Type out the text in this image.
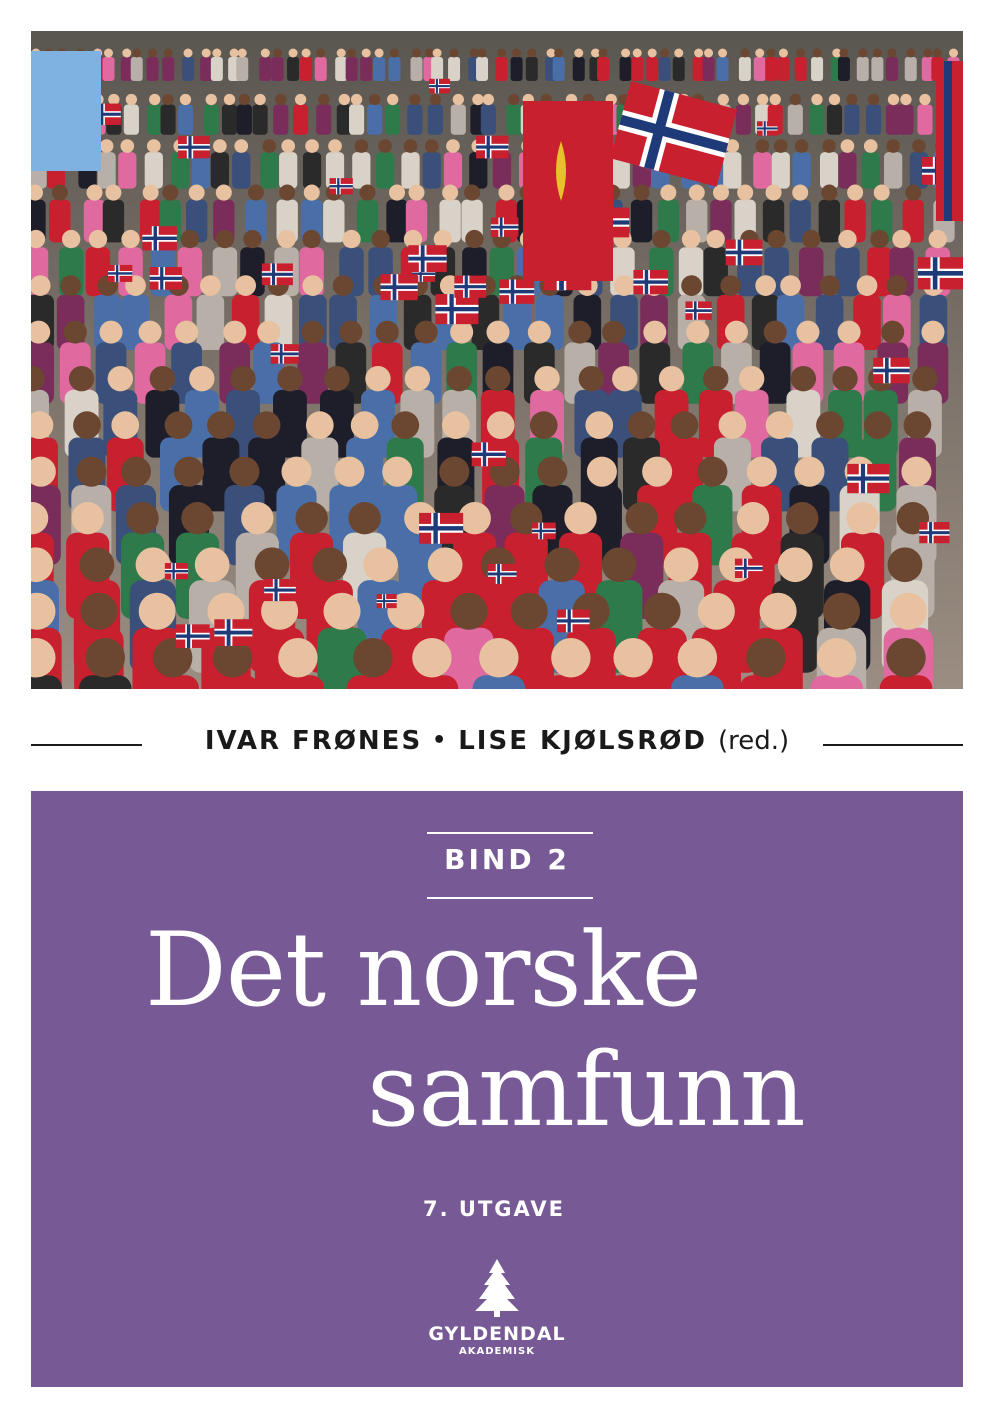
IVAR FRØNES • LISE KJØLSRØD (red.)
BIND 2
Det norske
samfunn
7. UTGAVE
GYLDENDAL
AKADEMISK
